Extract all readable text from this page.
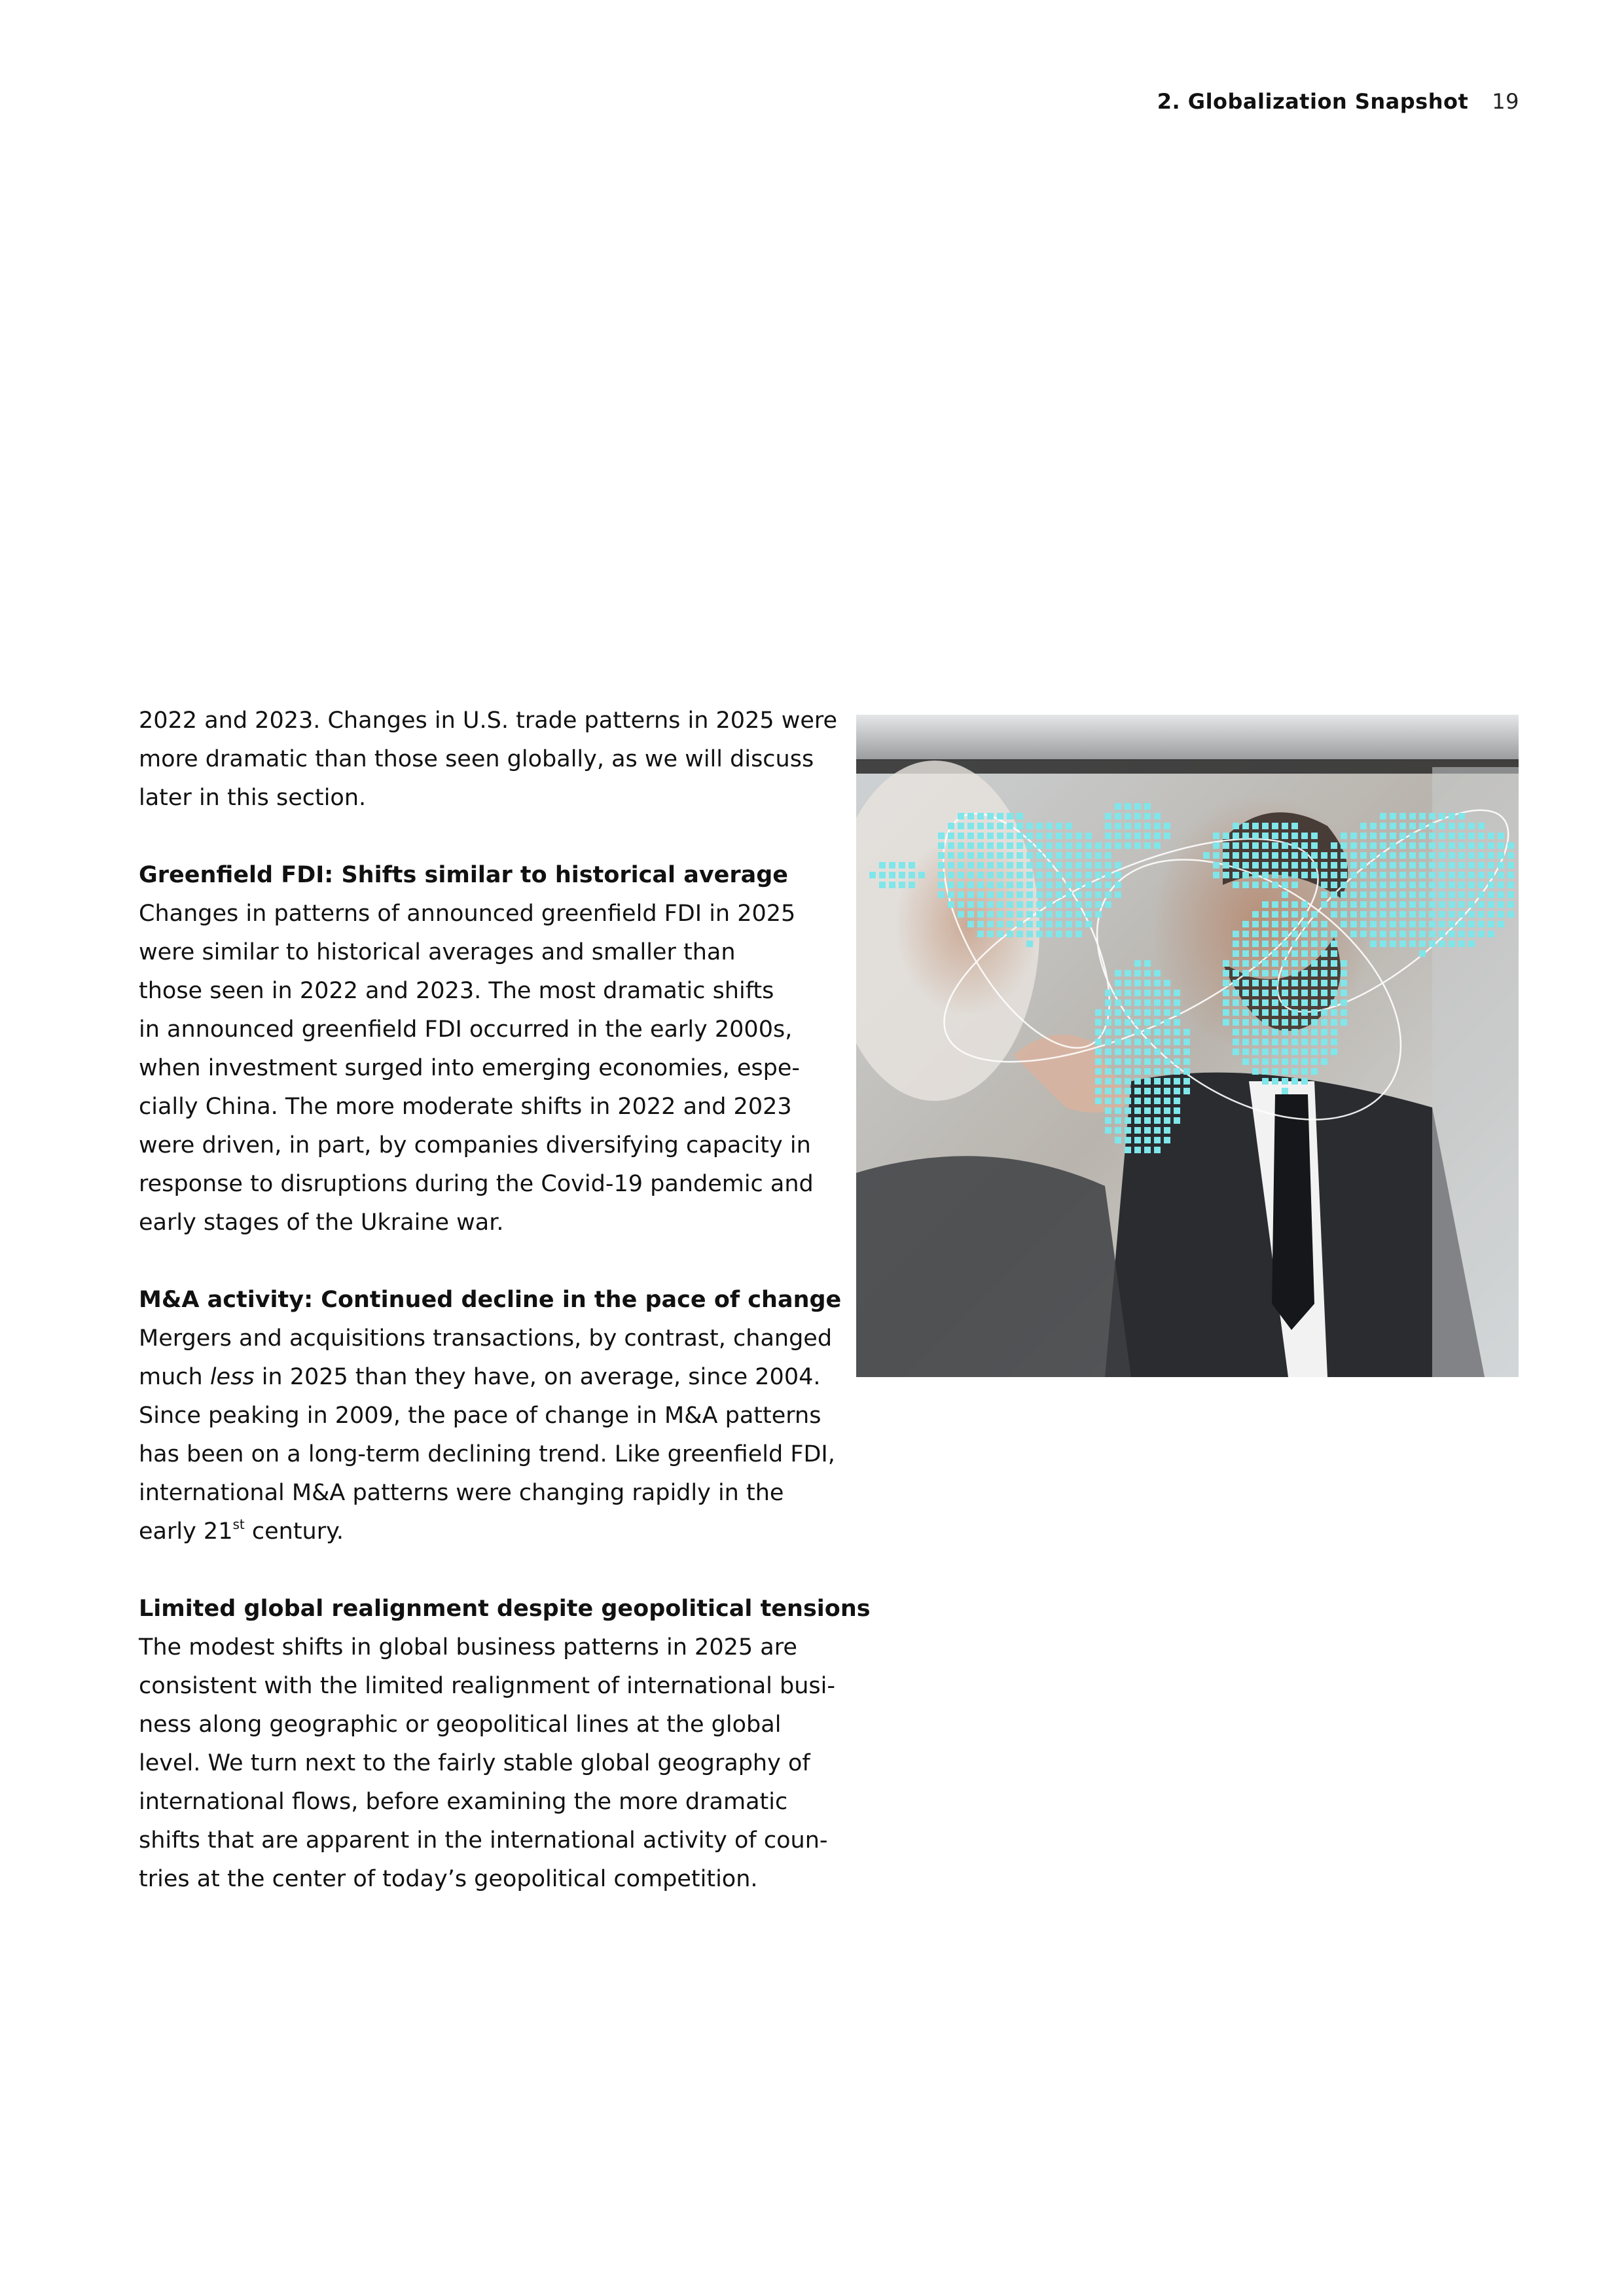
2. Globalization Snapshot 19

2022 and 2023. Changes in U.S. trade patterns in 2025 were
more dramatic than those seen globally, as we will discuss
later in this section.

Greenfield FDI: Shifts similar to historical average
Changes in patterns of announced greenfield FDI in 2025
were similar to historical averages and smaller than
those seen in 2022 and 2023. The most dramatic shifts
in announced greenfield FDI occurred in the early 2000s,
when investment surged into emerging economies, espe-
cially China. The more moderate shifts in 2022 and 2023
were driven, in part, by companies diversifying capacity in
response to disruptions during the Covid-19 pandemic and
early stages of the Ukraine war.

M&A activity: Continued decline in the pace of change
Mergers and acquisitions transactions, by contrast, changed
much less in 2025 than they have, on average, since 2004.
Since peaking in 2009, the pace of change in M&A patterns
has been on a long-term declining trend. Like greenfield FDI,
international M&A patterns were changing rapidly in the
early 21st century.

Limited global realignment despite geopolitical tensions
The modest shifts in global business patterns in 2025 are
consistent with the limited realignment of international busi-
ness along geographic or geopolitical lines at the global
level. We turn next to the fairly stable global geography of
international flows, before examining the more dramatic
shifts that are apparent in the international activity of coun-
tries at the center of today’s geopolitical competition.
